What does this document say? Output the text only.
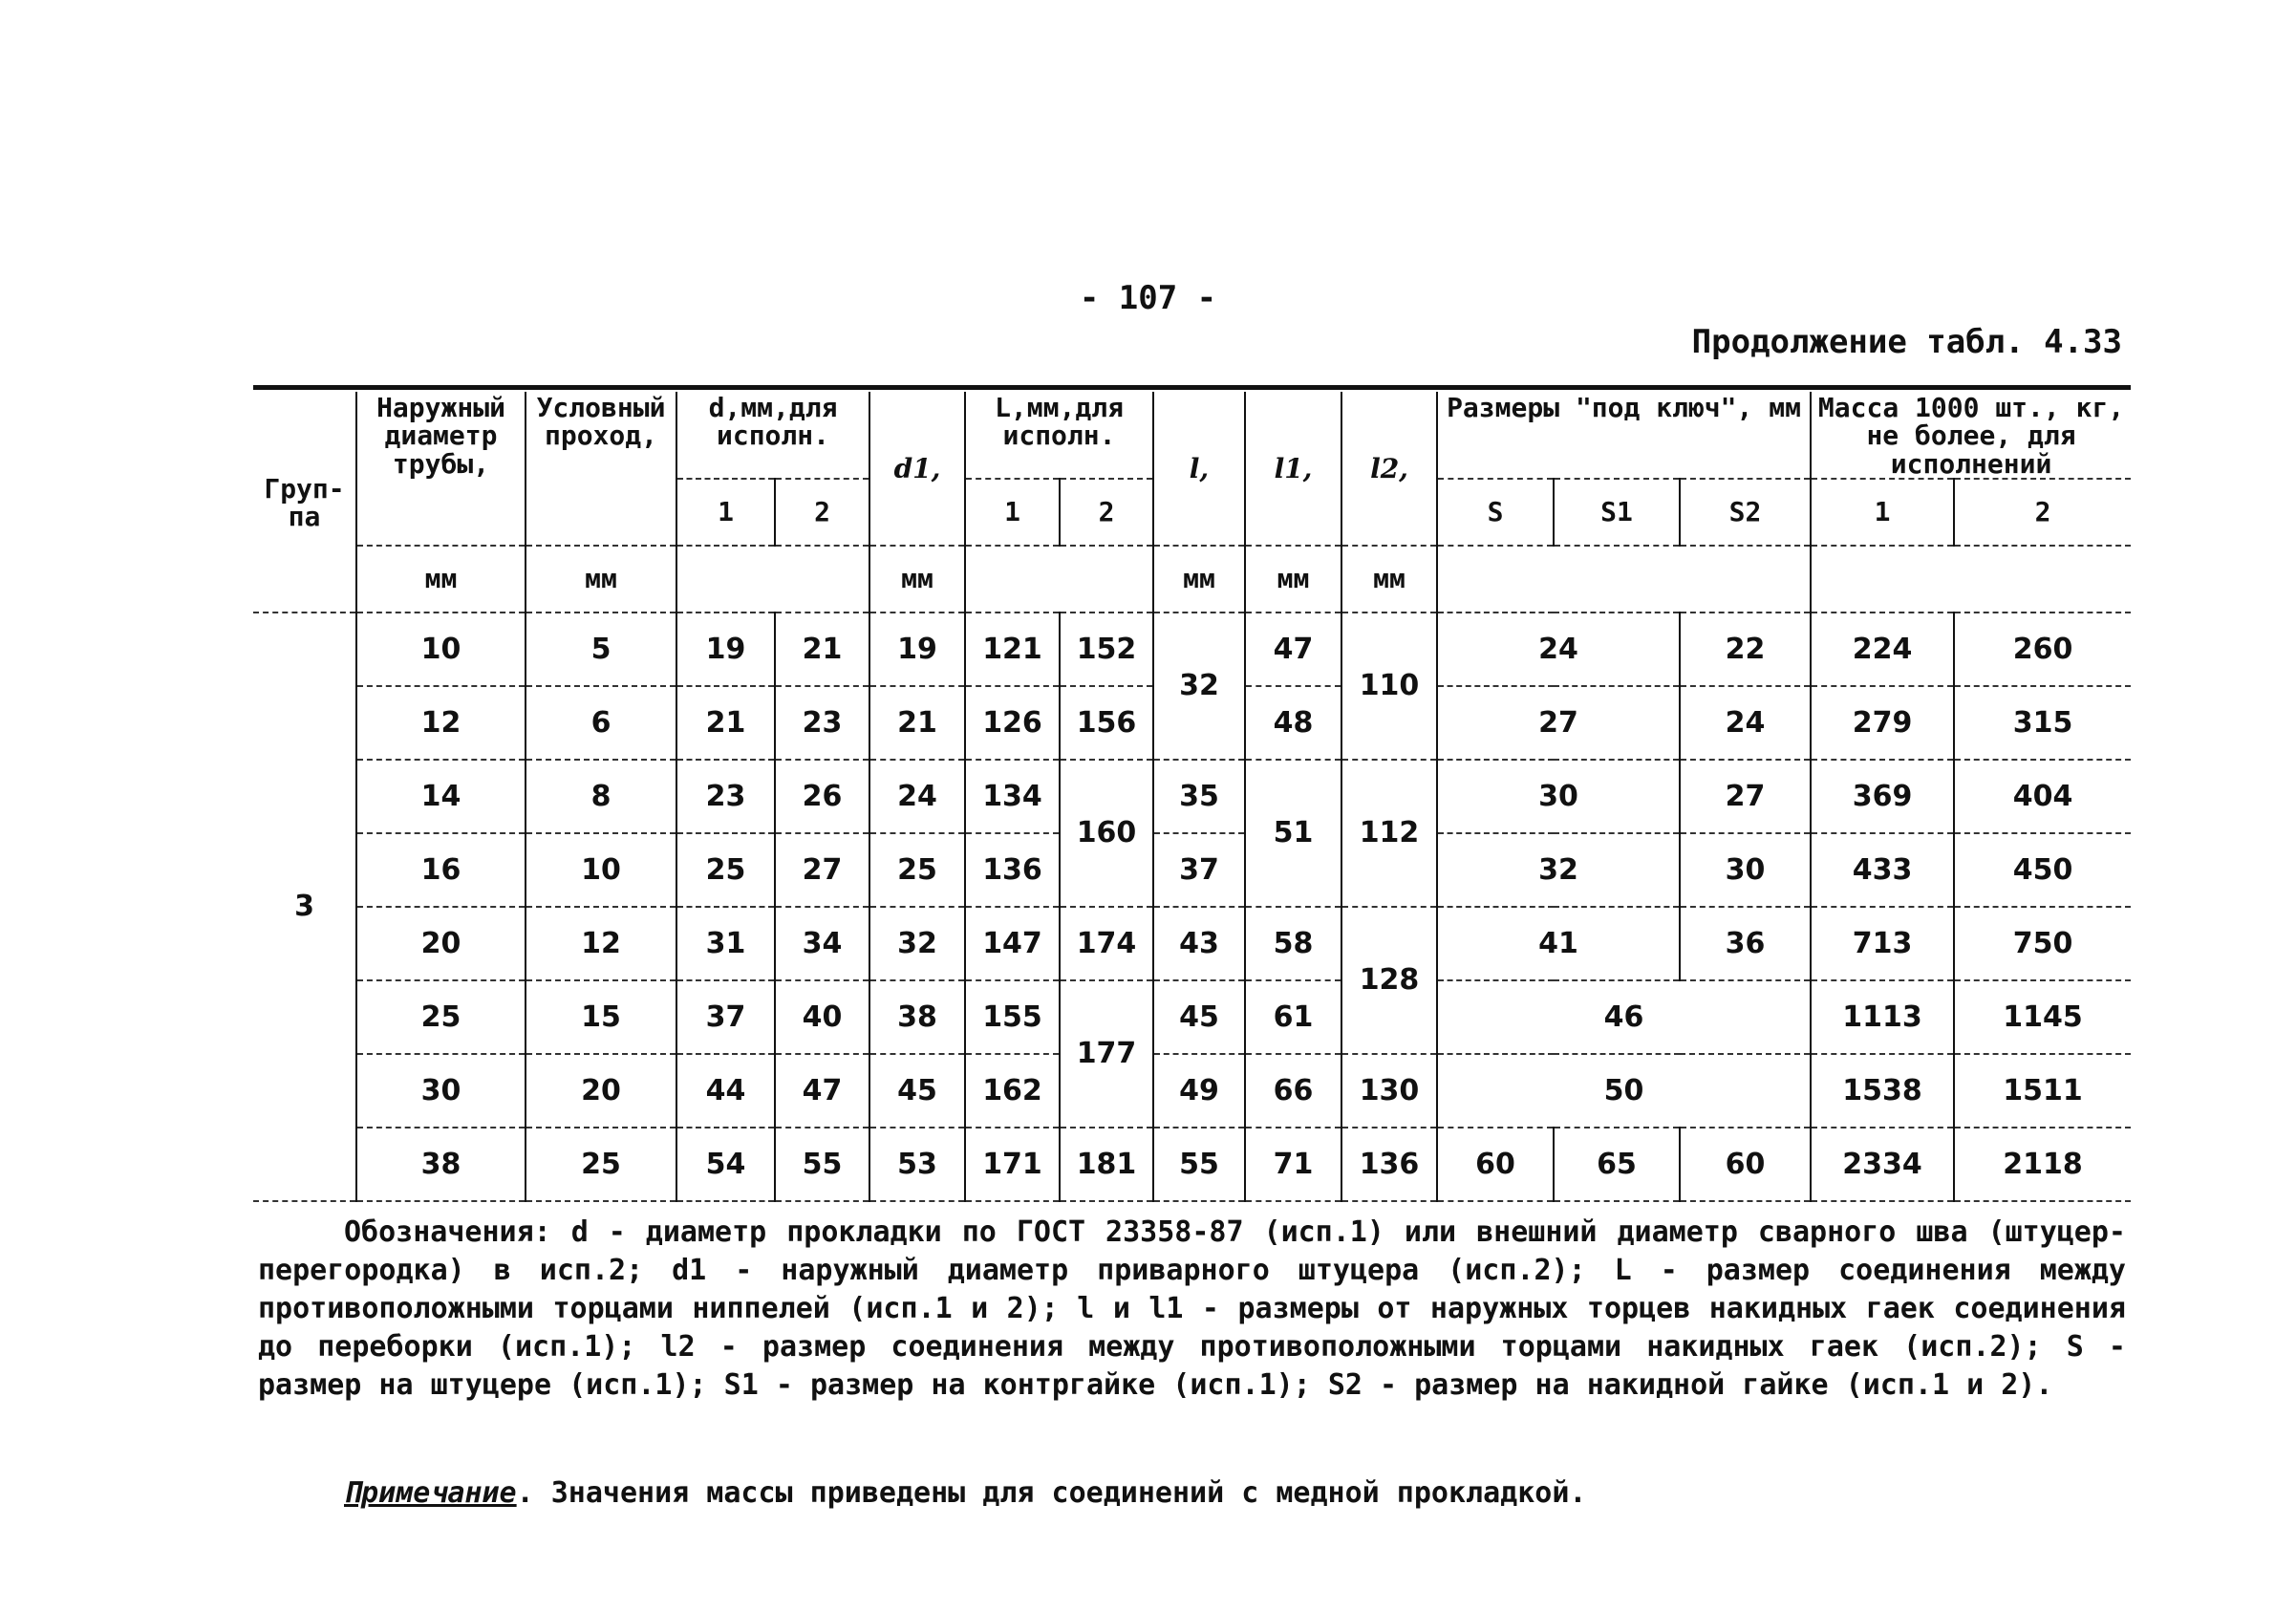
- 107 -
Продолжение табл. 4.33
Груп-па	Наружный диаметр трубы,	Условный проход,	d,мм,для исполн.		d1,	L,мм,для исполн.		l,	l1,	l2,	Размеры "под ключ", мм			Масса 1000 шт., кг, не более, для исполнений	

			1	2		1	2				S	S1	S2	1	2
	мм	мм			мм			мм	мм	мм					
3	10	5	19	21	19	121	152	32	47	110	24		22	224	260
	12	6	21	23	21	126	156		48		27		24	279	315
	14	8	23	26	24	134	160	35	51	112	30		27	369	404
	16	10	25	27	25	136		37			32		30	433	450
	20	12	31	34	32	147	174	43	58	128	41		36	713	750
	25	15	37	40	38	155	177	45	61		46			1113	1145
	30	20	44	47	45	162		49	66	130	50			1538	1511
	38	25	54	55	53	171	181	55	71	136	60	65	60	2334	2118

Обозначения: d - диаметр прокладки по ГОСТ 23358-87 (исп.1) или внешний диаметр сварного шва (штуцер-перегородка) в исп.2; d1 - наружный диаметр приварного штуцера (исп.2); L - размер соединения между противоположными торцами ниппелей (исп.1 и 2); l и l1 - размеры от наружных торцев накидных гаек соединения до переборки (исп.1); l2 - размер соединения между противоположными торцами накидных гаек (исп.2); S - размер на штуцере (исп.1); S1 - размер на контргайке (исп.1); S2 - размер на накидной гайке (исп.1 и 2).

Примечание. Значения массы приведены для соединений с медной прокладкой.
